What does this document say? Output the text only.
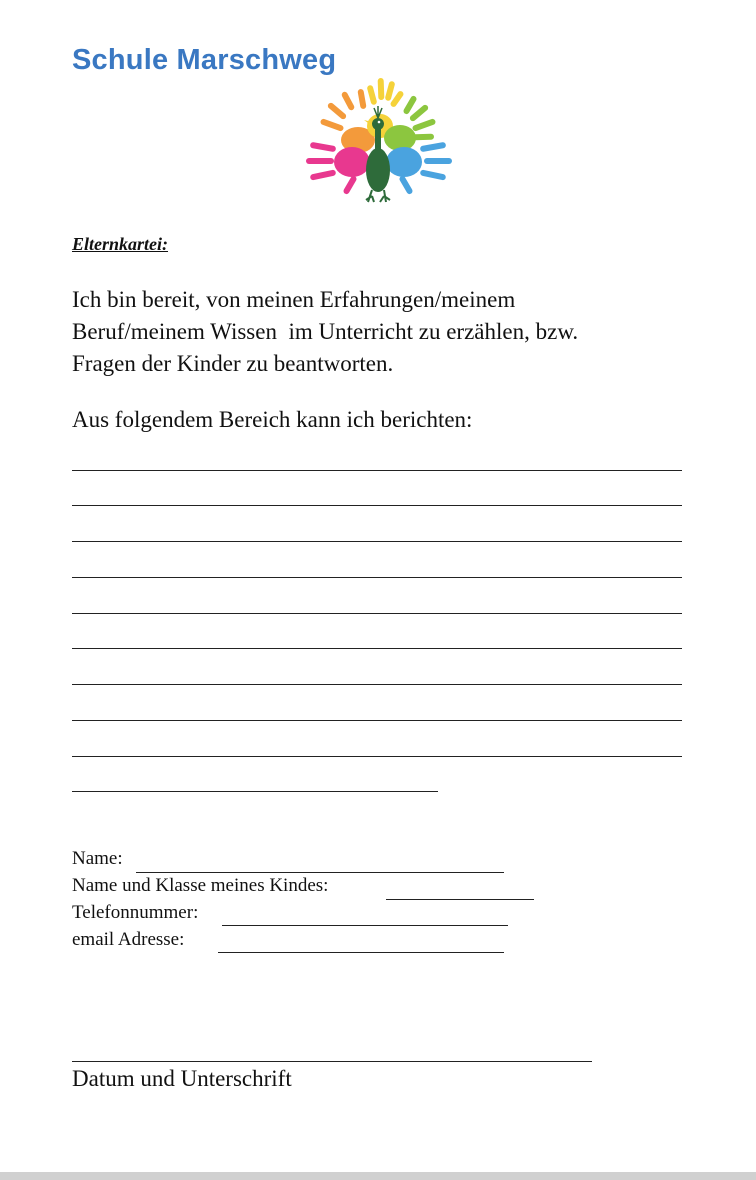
Schule Marschweg
Elternkartei:
Ich bin bereit, von meinen Erfahrungen/meinem
Beruf/meinem Wissen  im Unterricht zu erzählen, bzw.
Fragen der Kinder zu beantworten.
Aus folgendem Bereich kann ich berichten:
Name:
Name und Klasse meines Kindes:
Telefonnummer:
email Adresse:
Datum und Unterschrift
